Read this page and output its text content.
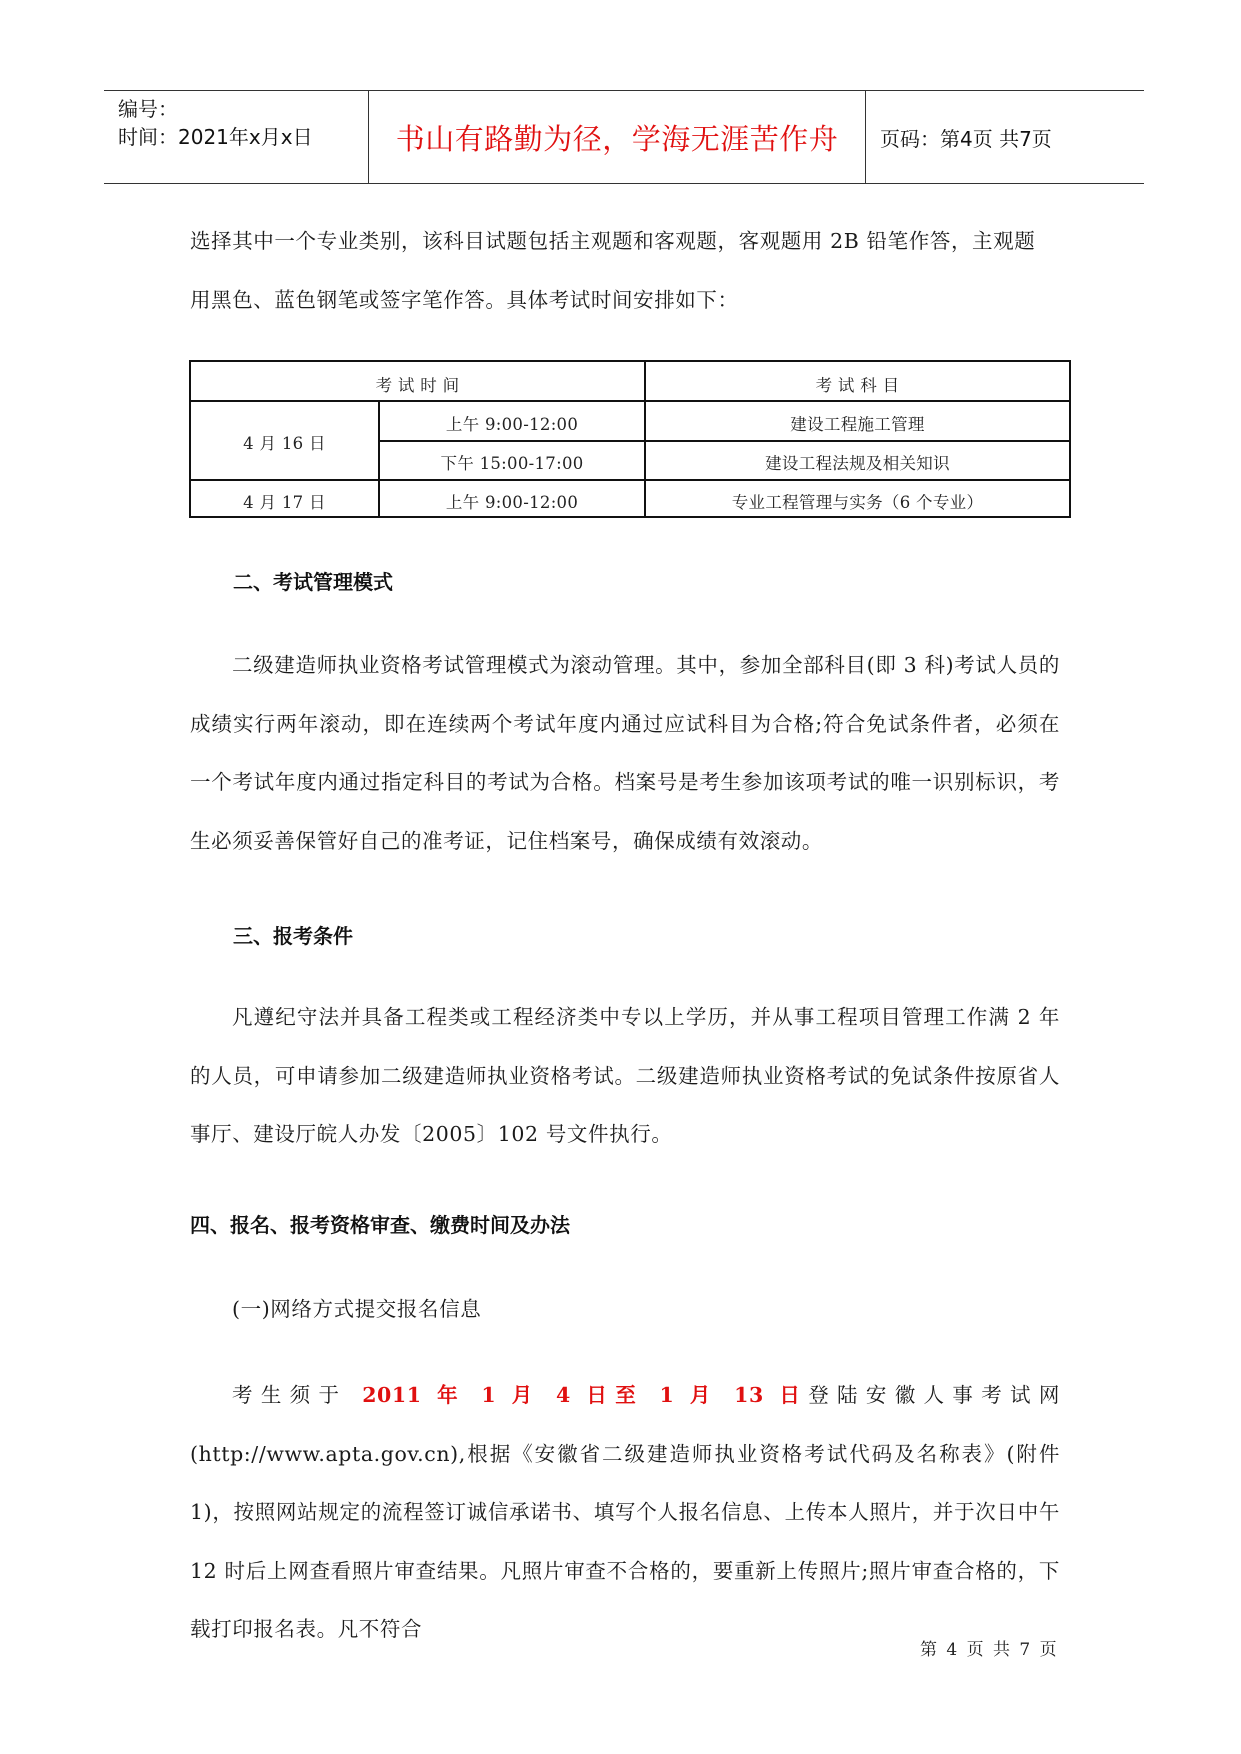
编号：
时间：2021年x月x日	书山有路勤为径，学海无涯苦作舟	页码：第4页 共7页
选择其中一个专业类别，该科目试题包括主观题和客观题，客观题用 2B 铅笔作答，主观题
用黑色、蓝色钢笔或签字笔作答。具体考试时间安排如下：
考 试 时 间	考 试 科 目
4 月 16 日
上午 9:00-12:00	建设工程施工管理
下午 15:00-17:00	建设工程法规及相关知识
4 月 17 日	上午 9:00-12:00	专业工程管理与实务（6 个专业）
二、考试管理模式
二级建造师执业资格考试管理模式为滚动管理。其中，参加全部科目(即 3 科)考试人员的成绩实行两年滚动，即在连续两个考试年度内通过应试科目为合格;符合免试条件者，必须在一个考试年度内通过指定科目的考试为合格。档案号是考生参加该项考试的唯一识别标识，考生必须妥善保管好自己的准考证，记住档案号，确保成绩有效滚动。
三、报考条件
凡遵纪守法并具备工程类或工程经济类中专以上学历，并从事工程项目管理工作满 2 年的人员，可申请参加二级建造师执业资格考试。二级建造师执业资格考试的免试条件按原省人事厅、建设厅皖人办发〔2005〕102 号文件执行。
四、报名、报考资格审查、缴费时间及办法
(一)网络方式提交报名信息
考生须于 2011 年 1 月 4 日至 1 月 13 日登陆安徽人事考试网(http://www.apta.gov.cn),根据《安徽省二级建造师执业资格考试代码及名称表》(附件 1)，按照网站规定的流程签订诚信承诺书、填写个人报名信息、上传本人照片，并于次日中午 12 时后上网查看照片审查结果。凡照片审查不合格的，要重新上传照片;照片审查合格的，下载打印报名表。凡不符合
第 4 页 共 7 页
